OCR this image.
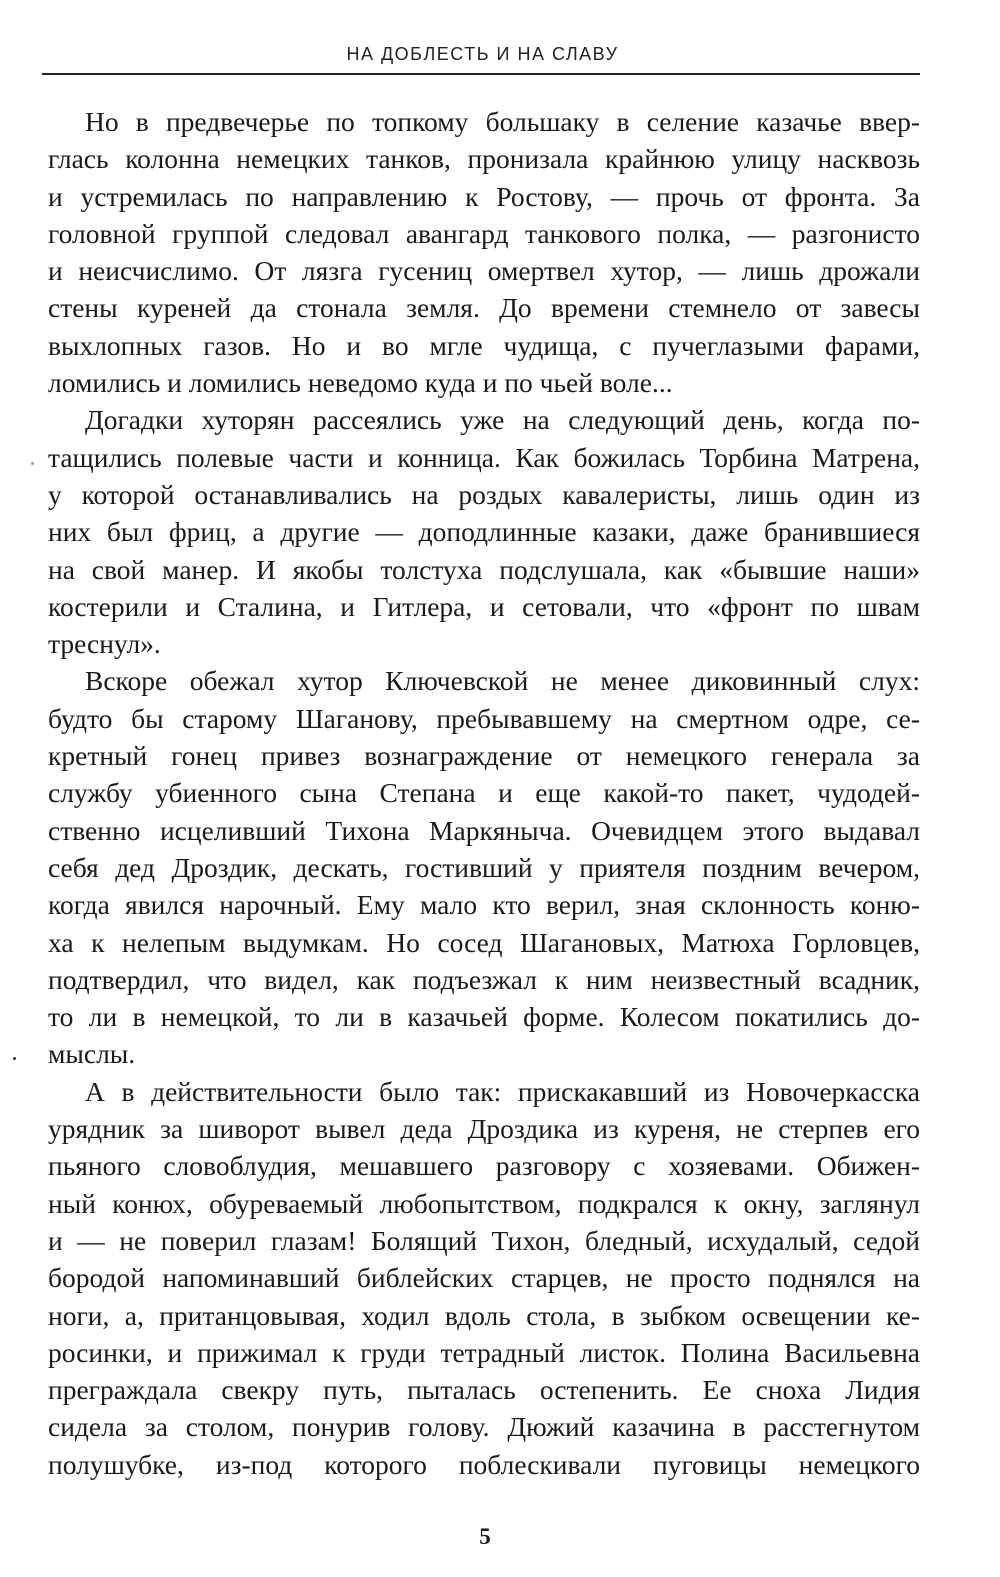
НА ДОБЛЕСТЬ И НА СЛАВУ

Но в предвечерье по топкому большаку в селение казачье ввер-
глась колонна немецких танков, пронизала крайнюю улицу насквозь
и устремилась по направлению к Ростову, — прочь от фронта. За
головной группой следовал авангард танкового полка, — разгонисто
и неисчислимо. От лязга гусениц омертвел хутор, — лишь дрожали
стены куреней да стонала земля. До времени стемнело от завесы
выхлопных газов. Но и во мгле чудища, с пучеглазыми фарами,
ломились и ломились неведомо куда и по чьей воле...

Догадки хуторян рассеялись уже на следующий день, когда по-
тащились полевые части и конница. Как божилась Торбина Матрена,
у которой останавливались на роздых кавалеристы, лишь один из
них был фриц, а другие — доподлинные казаки, даже бранившиеся
на свой манер. И якобы толстуха подслушала, как «бывшие наши»
костерили и Сталина, и Гитлера, и сетовали, что «фронт по швам
треснул».

Вскоре обежал хутор Ключевской не менее диковинный слух:
будто бы старому Шаганову, пребывавшему на смертном одре, се-
кретный гонец привез вознаграждение от немецкого генерала за
службу убиенного сына Степана и еще какой-то пакет, чудодей-
ственно исцеливший Тихона Маркяныча. Очевидцем этого выдавал
себя дед Дроздик, дескать, гостивший у приятеля поздним вечером,
когда явился нарочный. Ему мало кто верил, зная склонность коню-
ха к нелепым выдумкам. Но сосед Шагановых, Матюха Горловцев,
подтвердил, что видел, как подъезжал к ним неизвестный всадник,
то ли в немецкой, то ли в казачьей форме. Колесом покатились до-
мыслы.

А в действительности было так: прискакавший из Новочеркасска
урядник за шиворот вывел деда Дроздика из куреня, не стерпев его
пьяного словоблудия, мешавшего разговору с хозяевами. Обижен-
ный конюх, обуреваемый любопытством, подкрался к окну, заглянул
и — не поверил глазам! Болящий Тихон, бледный, исхудалый, седой
бородой напоминавший библейских старцев, не просто поднялся на
ноги, а, пританцовывая, ходил вдоль стола, в зыбком освещении ке-
росинки, и прижимал к груди тетрадный листок. Полина Васильевна
преграждала свекру путь, пыталась остепенить. Ее сноха Лидия
сидела за столом, понурив голову. Дюжий казачина в расстегнутом
полушубке, из-под которого поблескивали пуговицы немецкого

5
